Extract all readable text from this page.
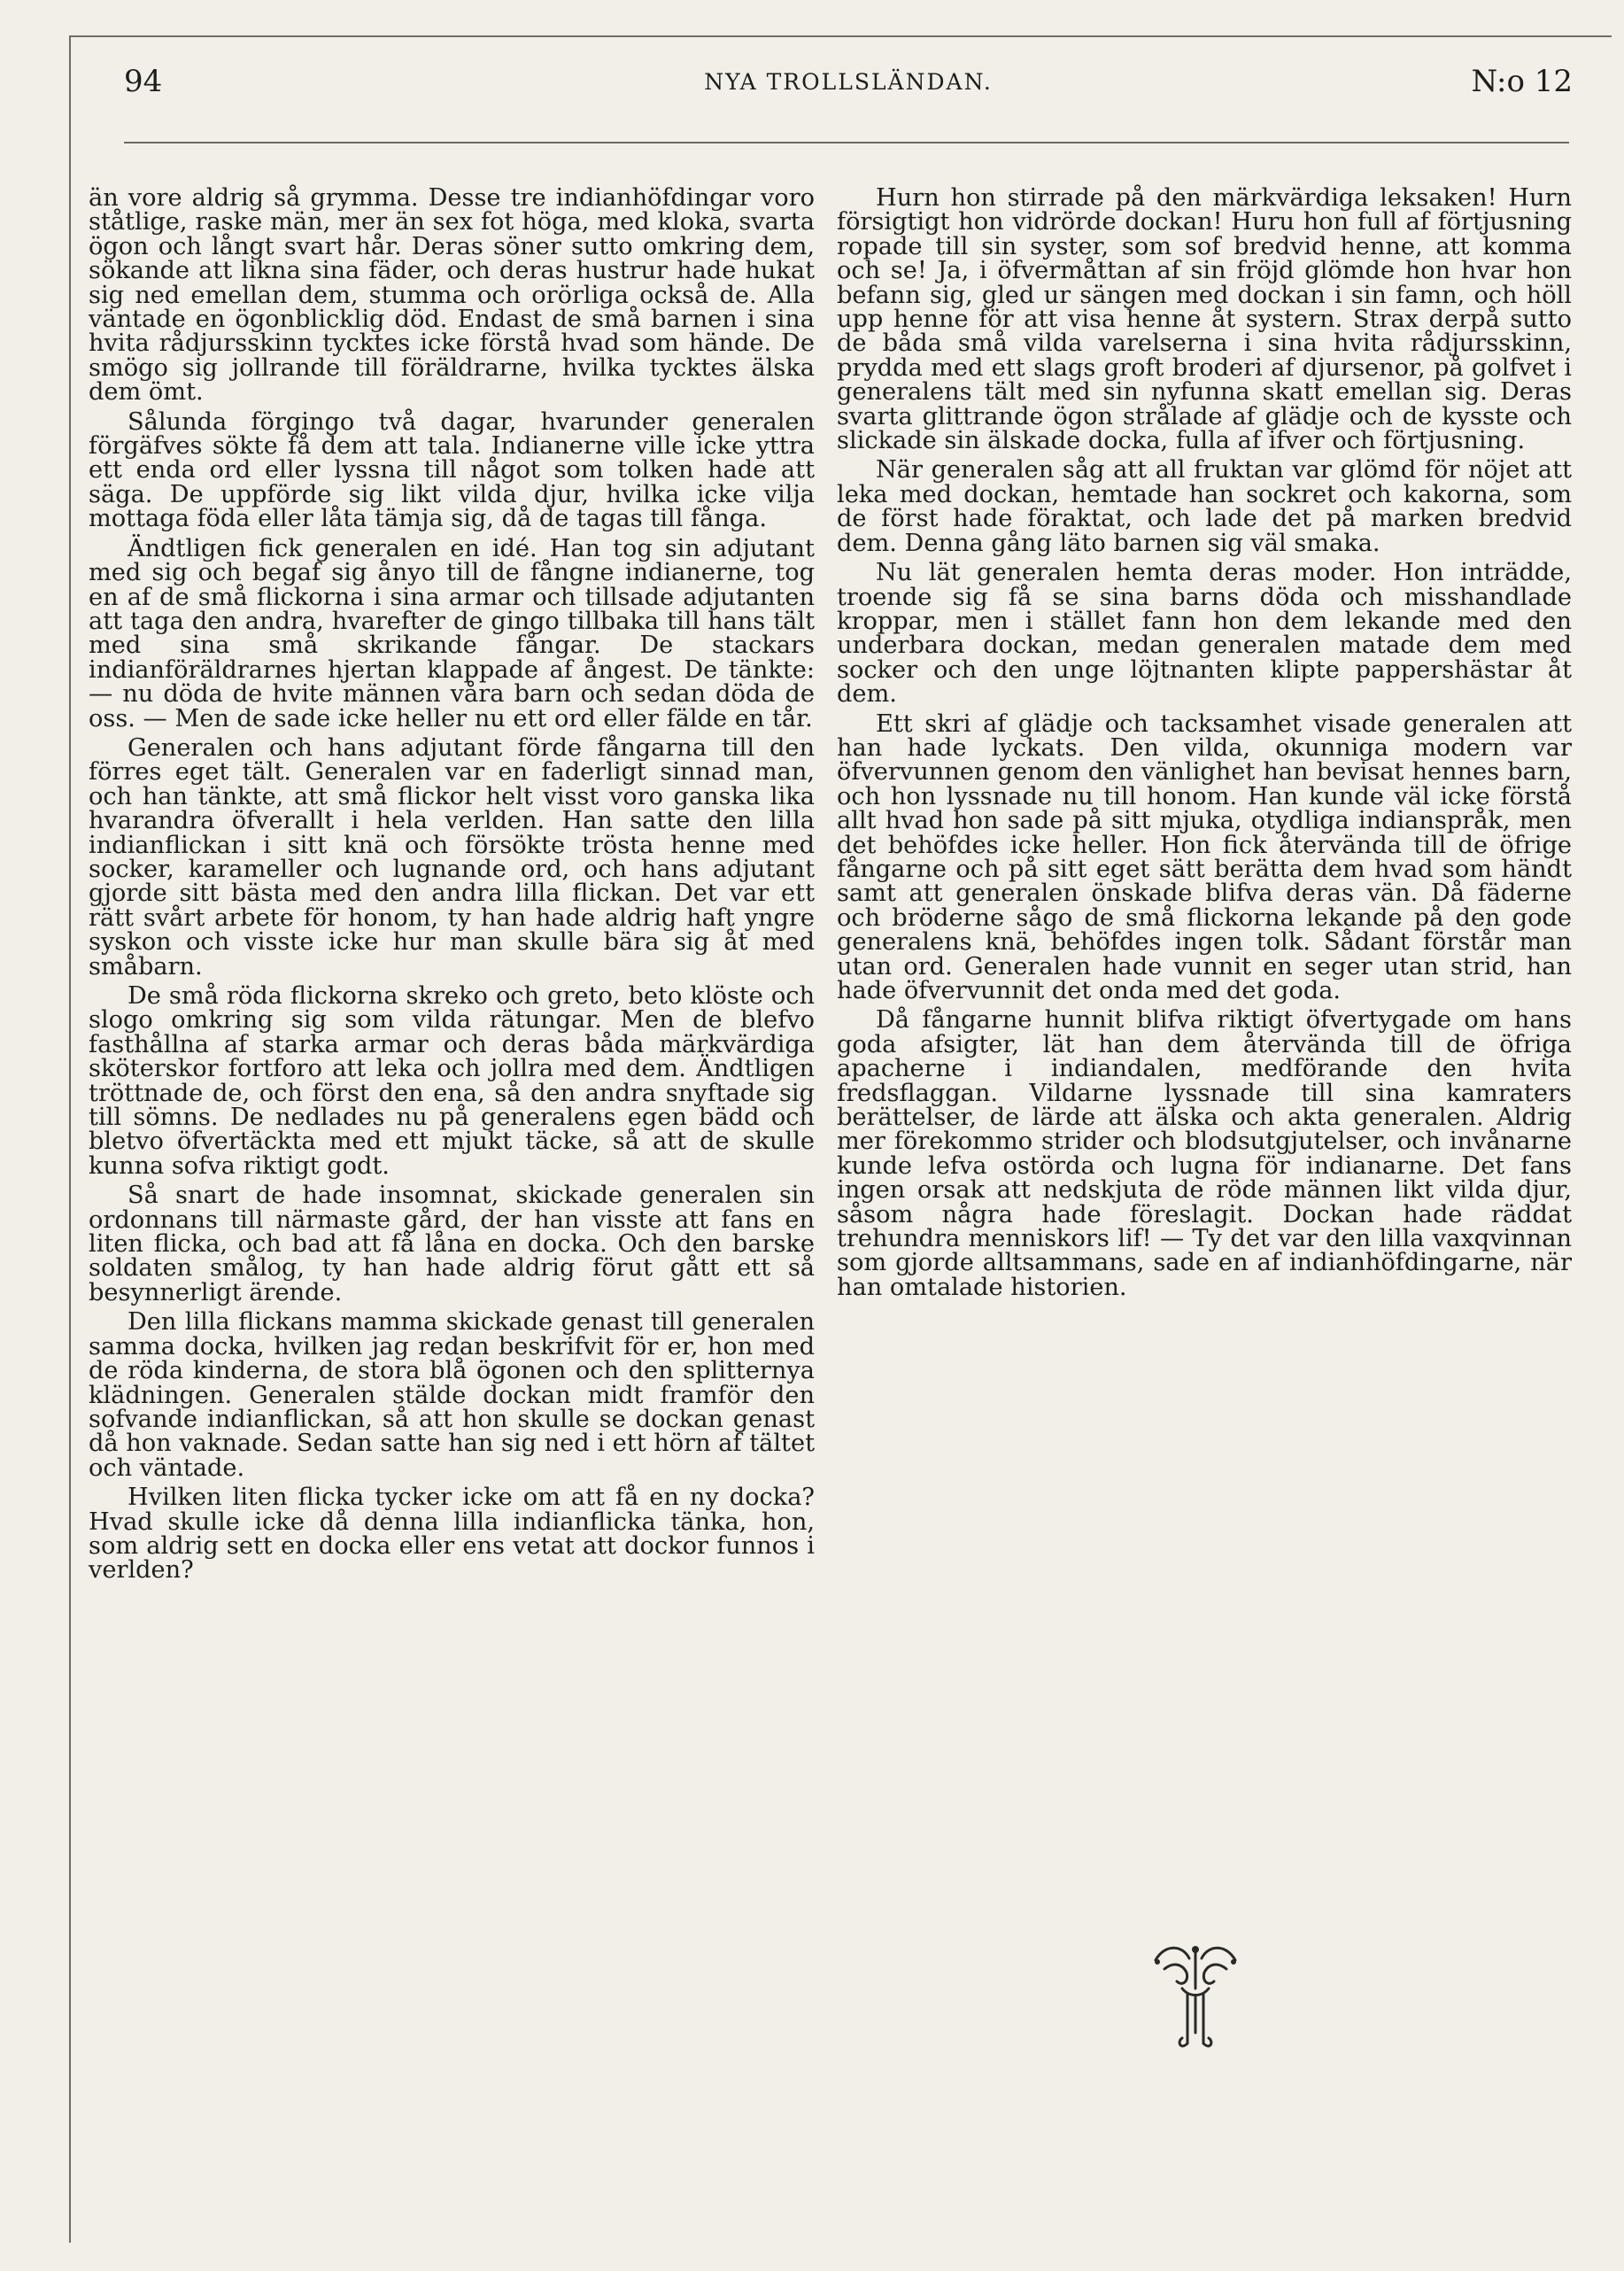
94	NYA TROLLSLÄNDAN.	N:o 12

än vore aldrig så grymma. Desse tre indianhöfdingar voro ståtlige, raske män, mer än sex fot höga, med kloka, svarta ögon och långt svart hår. Deras söner sutto omkring dem, sökande att likna sina fäder, och deras hustrur hade hukat sig ned emellan dem, stumma och orörliga också de. Alla väntade en ögonblicklig död. Endast de små barnen i sina hvita rådjursskinn tycktes icke förstå hvad som hände. De smögo sig jollrande till föräldrarne, hvilka tycktes älska dem ömt.

Sålunda förgingo två dagar, hvarunder generalen förgäfves sökte få dem att tala. Indianerne ville icke yttra ett enda ord eller lyssna till något som tolken hade att säga. De uppförde sig likt vilda djur, hvilka icke vilja mottaga föda eller låta tämja sig, då de tagas till fånga.

Ändtligen fick generalen en idé. Han tog sin adjutant med sig och begaf sig ånyo till de fångne indianerne, tog en af de små flickorna i sina armar och tillsade adjutanten att taga den andra, hvarefter de gingo tillbaka till hans tält med sina små skrikande fångar. De stackars indianföräldrarnes hjertan klappade af ångest. De tänkte: — nu döda de hvite männen våra barn och sedan döda de oss. — Men de sade icke heller nu ett ord eller fälde en tår.

Generalen och hans adjutant förde fångarna till den förres eget tält. Generalen var en faderligt sinnad man, och han tänkte, att små flickor helt visst voro ganska lika hvarandra öfverallt i hela verlden. Han satte den lilla indianflickan i sitt knä och försökte trösta henne med socker, karameller och lugnande ord, och hans adjutant gjorde sitt bästa med den andra lilla flickan. Det var ett rätt svårt arbete för honom, ty han hade aldrig haft yngre syskon och visste icke hur man skulle bära sig åt med småbarn.

De små röda flickorna skreko och greto, beto klöste och slogo omkring sig som vilda rätungar. Men de blefvo fasthållna af starka armar och deras båda märkvärdiga sköterskor fortforo att leka och jollra med dem. Ändtligen tröttnade de, och först den ena, så den andra snyftade sig till sömns. De nedlades nu på generalens egen bädd och bletvo öfvertäckta med ett mjukt täcke, så att de skulle kunna sofva riktigt godt.

Så snart de hade insomnat, skickade generalen sin ordonnans till närmaste gård, der han visste att fans en liten flicka, och bad att få låna en docka. Och den barske soldaten smålog, ty han hade aldrig förut gått ett så besynnerligt ärende.

Den lilla flickans mamma skickade genast till generalen samma docka, hvilken jag redan beskrifvit för er, hon med de röda kinderna, de stora blå ögonen och den splitternya klädningen. Generalen stälde dockan midt framför den sofvande indianflickan, så att hon skulle se dockan genast då hon vaknade. Sedan satte han sig ned i ett hörn af tältet och väntade.

Hvilken liten flicka tycker icke om att få en ny docka? Hvad skulle icke då denna lilla indianflicka tänka, hon, som aldrig sett en docka eller ens vetat att dockor funnos i verlden?

Hurn hon stirrade på den märkvärdiga leksaken! Hurn försigtigt hon vidrörde dockan! Huru hon full af förtjusning ropade till sin syster, som sof bredvid henne, att komma och se! Ja, i öfvermåttan af sin fröjd glömde hon hvar hon befann sig, gled ur sängen med dockan i sin famn, och höll upp henne för att visa henne åt systern. Strax derpå sutto de båda små vilda varelserna i sina hvita rådjursskinn, prydda med ett slags groft broderi af djursenor, på golfvet i generalens tält med sin nyfunna skatt emellan sig. Deras svarta glittrande ögon strålade af glädje och de kysste och slickade sin älskade docka, fulla af ifver och förtjusning.

När generalen såg att all fruktan var glömd för nöjet att leka med dockan, hemtade han sockret och kakorna, som de först hade föraktat, och lade det på marken bredvid dem. Denna gång läto barnen sig väl smaka.

Nu lät generalen hemta deras moder. Hon inträdde, troende sig få se sina barns döda och misshandlade kroppar, men i stället fann hon dem lekande med den underbara dockan, medan generalen matade dem med socker och den unge löjtnanten klipte pappershästar åt dem.

Ett skri af glädje och tacksamhet visade generalen att han hade lyckats. Den vilda, okunniga modern var öfvervunnen genom den vänlighet han bevisat hennes barn, och hon lyssnade nu till honom. Han kunde väl icke förstå allt hvad hon sade på sitt mjuka, otydliga indianspråk, men det behöfdes icke heller. Hon fick återvända till de öfrige fångarne och på sitt eget sätt berätta dem hvad som händt samt att generalen önskade blifva deras vän. Då fäderne och bröderne sågo de små flickorna lekande på den gode generalens knä, behöfdes ingen tolk. Sådant förstår man utan ord. Generalen hade vunnit en seger utan strid, han hade öfvervunnit det onda med det goda.

Då fångarne hunnit blifva riktigt öfvertygade om hans goda afsigter, lät han dem återvända till de öfriga apacherne i indiandalen, medförande den hvita fredsflaggan. Vildarne lyssnade till sina kamraters berättelser, de lärde att älska och akta generalen. Aldrig mer förekommo strider och blodsutgjutelser, och invånarne kunde lefva ostörda och lugna för indianarne. Det fans ingen orsak att nedskjuta de röde männen likt vilda djur, såsom några hade föreslagit. Dockan hade räddat trehundra menniskors lif! — Ty det var den lilla vaxqvinnan som gjorde alltsammans, sade en af indianhöfdingarne, när han omtalade historien.
